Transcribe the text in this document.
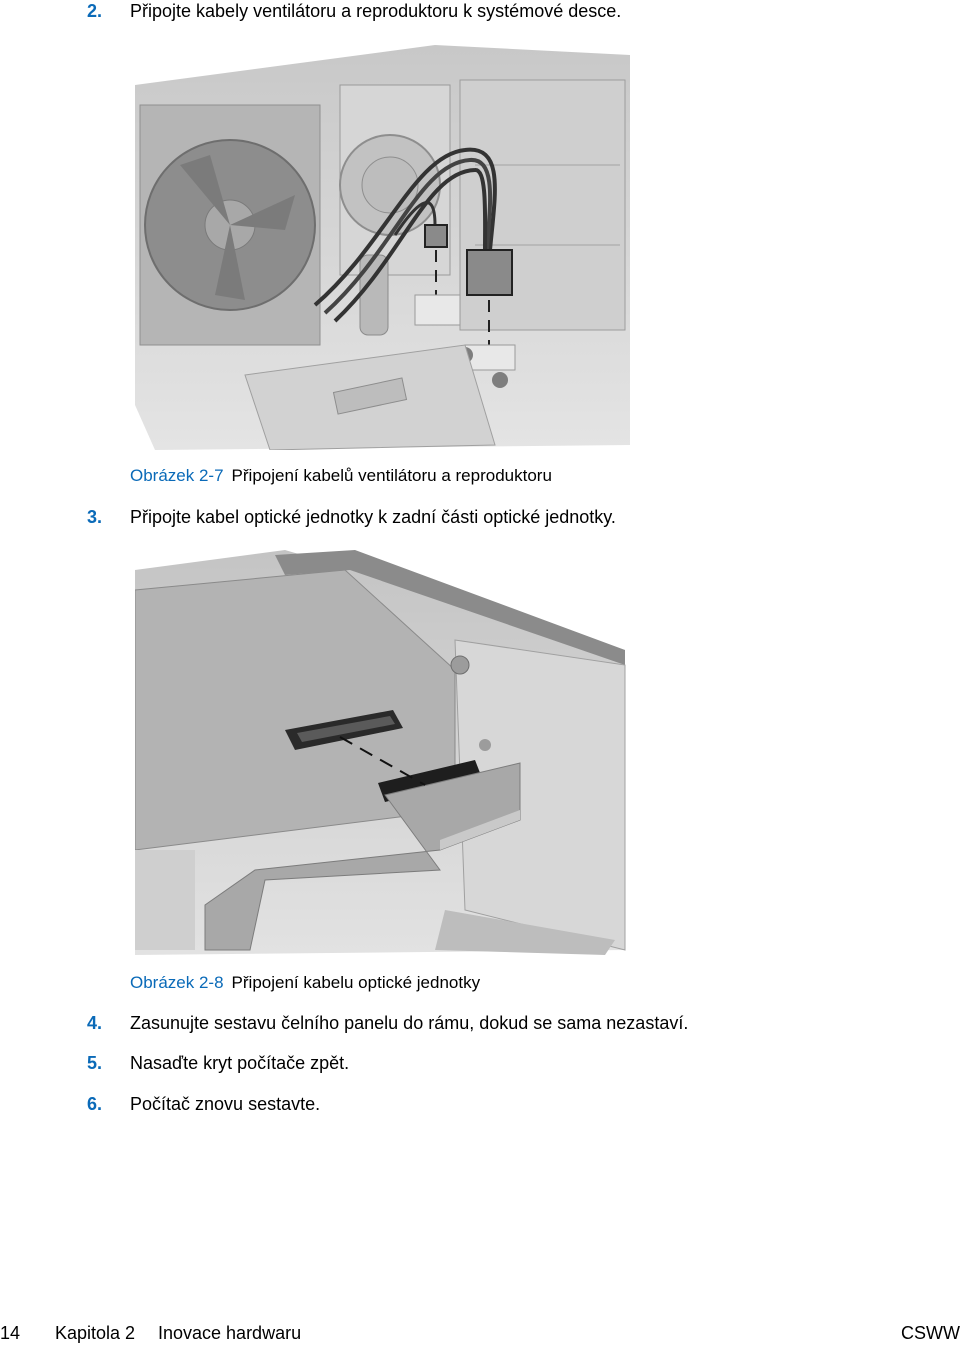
2. Připojte kabely ventilátoru a reproduktoru k systémové desce.
Obrázek 2-7 Připojení kabelů ventilátoru a reproduktoru
3. Připojte kabel optické jednotky k zadní části optické jednotky.
Obrázek 2-8 Připojení kabelu optické jednotky
4. Zasunujte sestavu čelního panelu do rámu, dokud se sama nezastaví.
5. Nasaďte kryt počítače zpět.
6. Počítač znovu sestavte.
14 Kapitola 2 Inovace hardwaru	CSWW
